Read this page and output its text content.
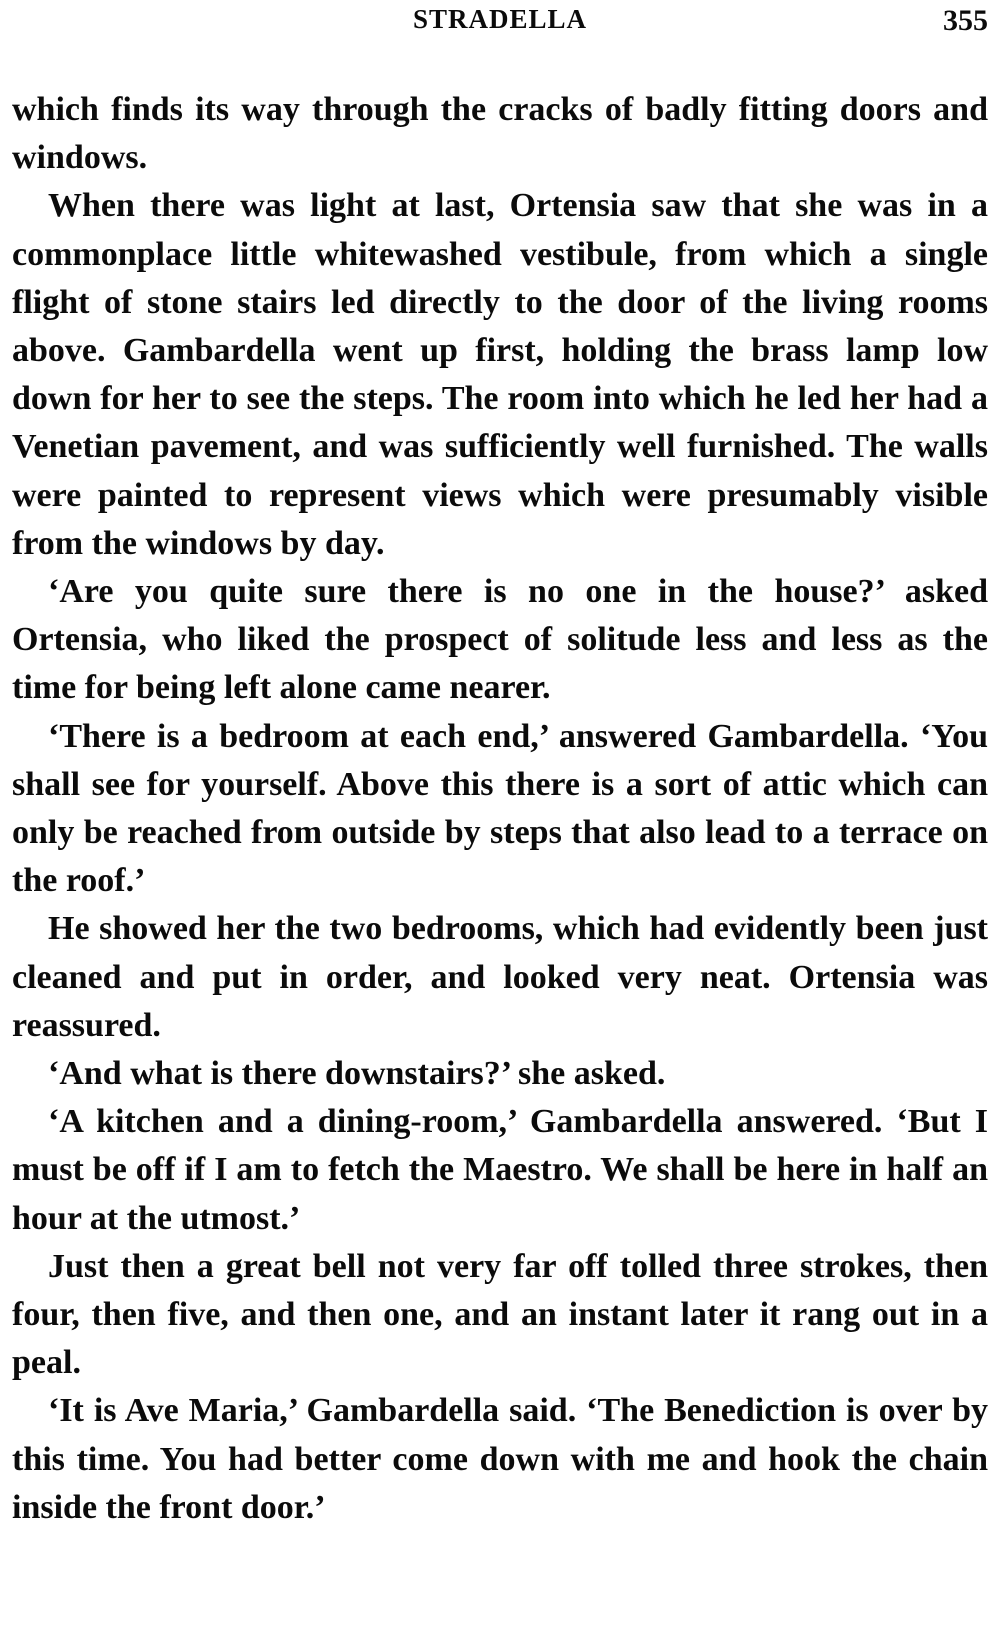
STRADELLA	355

which finds its way through the cracks of badly fitting doors and windows.

When there was light at last, Ortensia saw that she was in a commonplace little whitewashed vestibule, from which a single flight of stone stairs led directly to the door of the living rooms above. Gambardella went up first, holding the brass lamp low down for her to see the steps. The room into which he led her had a Venetian pavement, and was sufficiently well furnished. The walls were painted to represent views which were presumably visible from the windows by day.

‘Are you quite sure there is no one in the house?’ asked Ortensia, who liked the prospect of solitude less and less as the time for being left alone came nearer.

‘There is a bedroom at each end,’ answered Gambardella. ‘You shall see for yourself. Above this there is a sort of attic which can only be reached from outside by steps that also lead to a terrace on the roof.’

He showed her the two bedrooms, which had evidently been just cleaned and put in order, and looked very neat. Ortensia was reassured.

‘And what is there downstairs?’ she asked.

‘A kitchen and a dining-room,’ Gambardella answered. ‘But I must be off if I am to fetch the Maestro. We shall be here in half an hour at the utmost.’

Just then a great bell not very far off tolled three strokes, then four, then five, and then one, and an instant later it rang out in a peal.

‘It is Ave Maria,’ Gambardella said. ‘The Benediction is over by this time. You had better come down with me and hook the chain inside the front door.’
